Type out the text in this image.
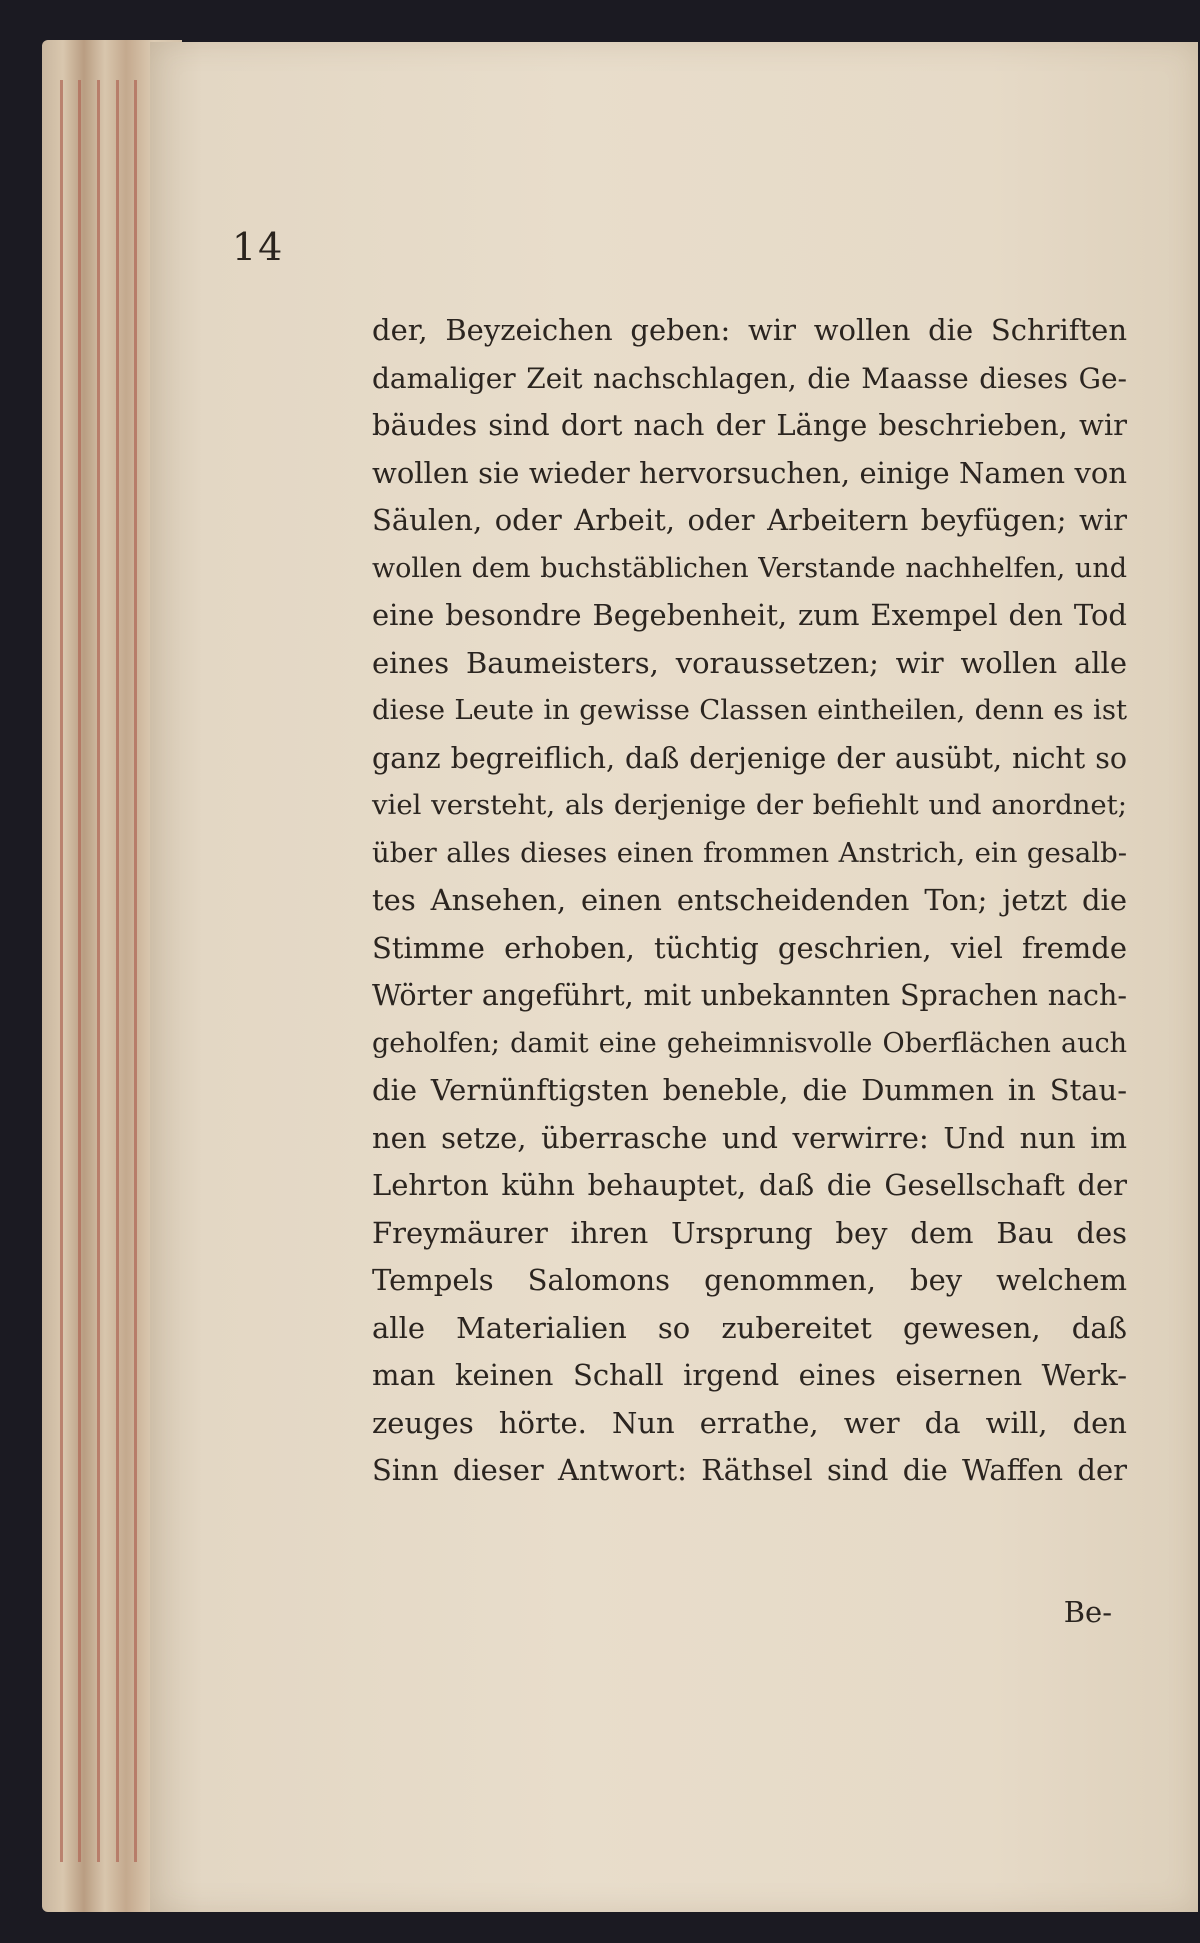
14
der, Beyzeichen geben: wir wollen die Schriften
damaliger Zeit nachschlagen, die Maasse dieses Ge-
bäudes sind dort nach der Länge beschrieben, wir
wollen sie wieder hervorsuchen, einige Namen von
Säulen, oder Arbeit, oder Arbeitern beyfügen; wir
wollen dem buchstäblichen Verstande nachhelfen, und
eine besondre Begebenheit, zum Exempel den Tod
eines Baumeisters, voraussetzen; wir wollen alle
diese Leute in gewisse Classen eintheilen, denn es ist
ganz begreiflich, daß derjenige der ausübt, nicht so
viel versteht, als derjenige der befiehlt und anordnet;
über alles dieses einen frommen Anstrich, ein gesalb-
tes Ansehen, einen entscheidenden Ton; jetzt die
Stimme erhoben, tüchtig geschrien, viel fremde
Wörter angeführt, mit unbekannten Sprachen nach-
geholfen; damit eine geheimnisvolle Oberflächen auch
die Vernünftigsten beneble, die Dummen in Stau-
nen setze, überrasche und verwirre: Und nun im
Lehrton kühn behauptet, daß die Gesellschaft der
Freymäurer ihren Ursprung bey dem Bau des
Tempels Salomons genommen, bey welchem
alle Materialien so zubereitet gewesen, daß
man keinen Schall irgend eines eisernen Werk-
zeuges hörte. Nun errathe, wer da will, den
Sinn dieser Antwort: Räthsel sind die Waffen der
Be-
